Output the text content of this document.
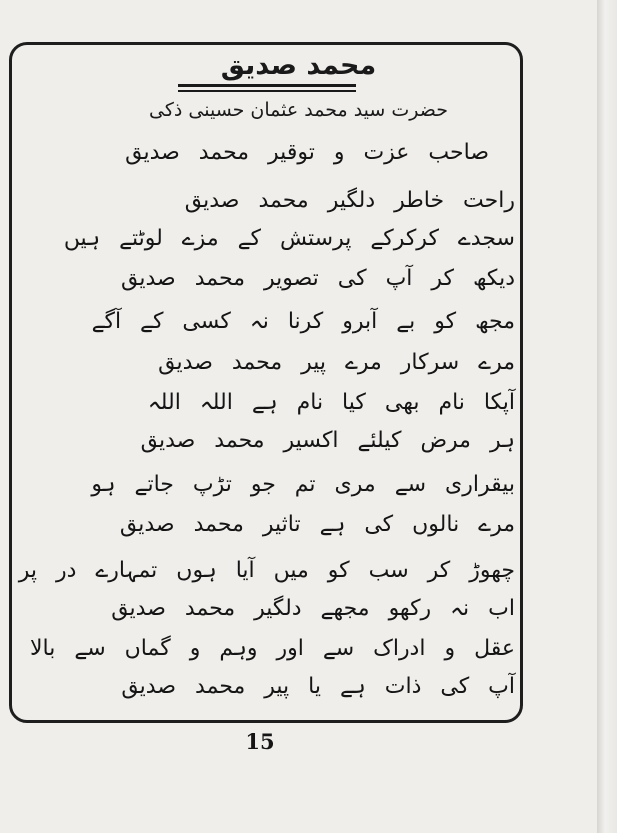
محمد صدیق
حضرت سید محمد عثمان حسینی ذکی
صاحب عزت و توقیر محمد صدیق
راحت خاطر دلگیر محمد صدیق
سجدے کرکرکے پرستش کے مزے لوٹتے ہیں
دیکھ کر آپ کی تصویر محمد صدیق
مجھ کو بے آبرو کرنا نہ کسی کے آگے
مرے سرکار مرے پیر محمد صدیق
آپکا نام بھی کیا نام ہے اللہ اللہ
ہر مرض کیلئے اکسیر محمد صدیق
بیقراری سے مری تم جو تڑپ جاتے ہو
مرے نالوں کی ہے تاثیر محمد صدیق
چھوڑ کر سب کو میں آیا ہوں تمہارے در پر
اب نہ رکھو مجھے دلگیر محمد صدیق
عقل و ادراک سے اور وہم و گماں سے بالا
آپ کی ذات ہے یا پیر محمد صدیق
15
